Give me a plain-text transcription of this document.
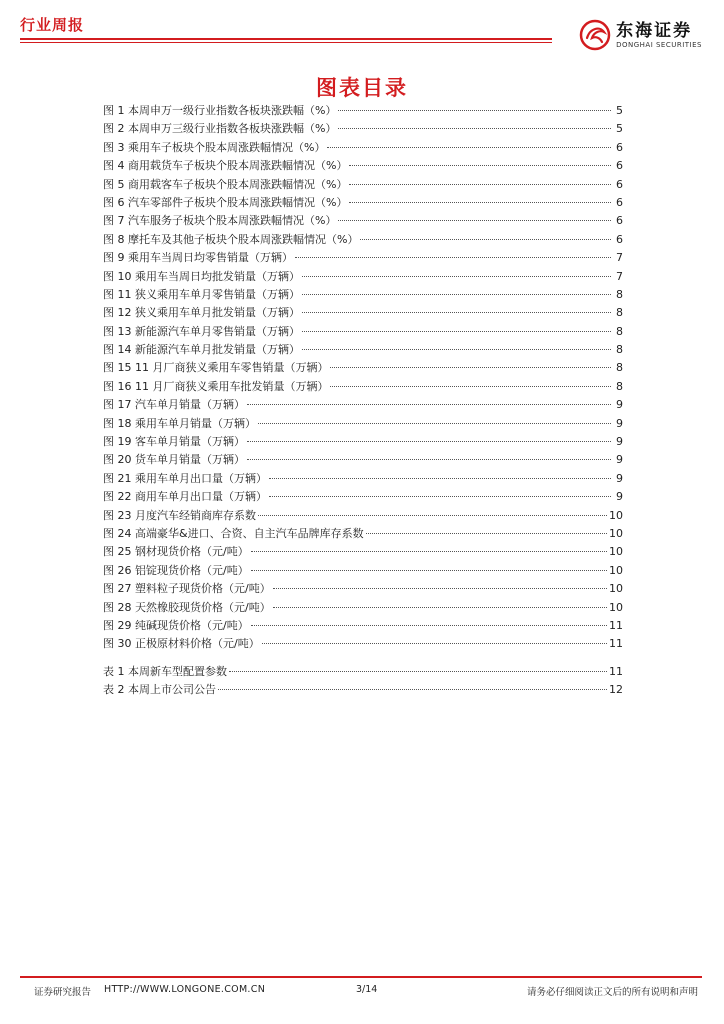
行业周报	东海证券
DONGHAI SECURITIES
图表目录
图 1 本周申万一级行业指数各板块涨跌幅（%）	5
图 2 本周申万三级行业指数各板块涨跌幅（%）	5
图 3 乘用车子板块个股本周涨跌幅情况（%）	6
图 4 商用载货车子板块个股本周涨跌幅情况（%）	6
图 5 商用载客车子板块个股本周涨跌幅情况（%）	6
图 6 汽车零部件子板块个股本周涨跌幅情况（%）	6
图 7 汽车服务子板块个股本周涨跌幅情况（%）	6
图 8 摩托车及其他子板块个股本周涨跌幅情况（%）	6
图 9 乘用车当周日均零售销量（万辆）	7
图 10 乘用车当周日均批发销量（万辆）	7
图 11 狭义乘用车单月零售销量（万辆）	8
图 12 狭义乘用车单月批发销量（万辆）	8
图 13 新能源汽车单月零售销量（万辆）	8
图 14 新能源汽车单月批发销量（万辆）	8
图 15 11 月厂商狭义乘用车零售销量（万辆）	8
图 16 11 月厂商狭义乘用车批发销量（万辆）	8
图 17 汽车单月销量（万辆）	9
图 18 乘用车单月销量（万辆）	9
图 19 客车单月销量（万辆）	9
图 20 货车单月销量（万辆）	9
图 21 乘用车单月出口量（万辆）	9
图 22 商用车单月出口量（万辆）	9
图 23 月度汽车经销商库存系数	10
图 24 高端豪华&进口、合资、自主汽车品牌库存系数	10
图 25 钢材现货价格（元/吨）	10
图 26 铝锭现货价格（元/吨）	10
图 27 塑料粒子现货价格（元/吨）	10
图 28 天然橡胶现货价格（元/吨）	10
图 29 纯碱现货价格（元/吨）	11
图 30 正极原材料价格（元/吨）	11
表 1 本周新车型配置参数	11
表 2 本周上市公司公告	12
证券研究报告 HTTP://WWW.LONGONE.COM.CN	3/14	请务必仔细阅读正文后的所有说明和声明
